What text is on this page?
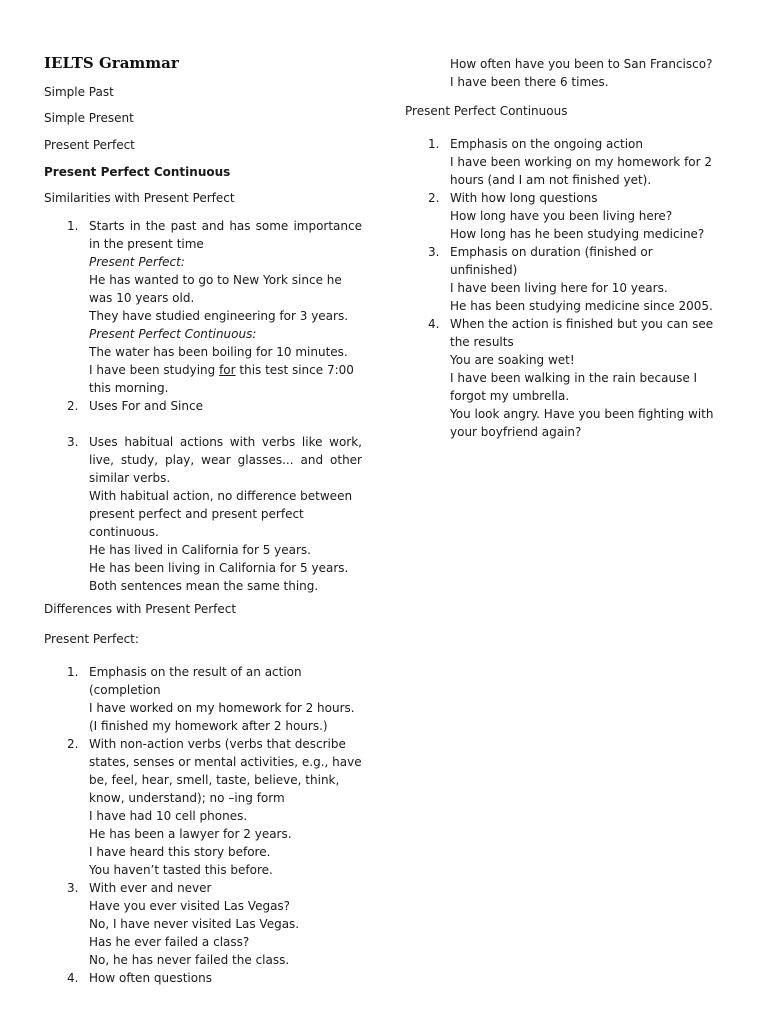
IELTS Grammar
Simple Past
Simple Present
Present Perfect
Present Perfect Continuous
Similarities with Present Perfect
1. Starts in the past and has some importance in the present time
Present Perfect:
He has wanted to go to New York since he was 10 years old.
They have studied engineering for 3 years.
Present Perfect Continuous:
The water has been boiling for 10 minutes.
I have been studying for this test since 7:00 this morning.
2. Uses For and Since
3. Uses habitual actions with verbs like work, live, study, play, wear glasses... and other similar verbs.
With habitual action, no difference between present perfect and present perfect continuous.
He has lived in California for 5 years.
He has been living in California for 5 years.
Both sentences mean the same thing.
Differences with Present Perfect
Present Perfect:
1. Emphasis on the result of an action (completion
I have worked on my homework for 2 hours. (I finished my homework after 2 hours.)
2. With non-action verbs (verbs that describe states, senses or mental activities, e.g., have be, feel, hear, smell, taste, believe, think, know, understand); no –ing form
I have had 10 cell phones.
He has been a lawyer for 2 years.
I have heard this story before.
You haven’t tasted this before.
3. With ever and never
Have you ever visited Las Vegas?
No, I have never visited Las Vegas.
Has he ever failed a class?
No, he has never failed the class.
4. How often questions
How often have you been to San Francisco?
I have been there 6 times.
Present Perfect Continuous
1. Emphasis on the ongoing action
I have been working on my homework for 2 hours (and I am not finished yet).
2. With how long questions
How long have you been living here?
How long has he been studying medicine?
3. Emphasis on duration (finished or unfinished)
I have been living here for 10 years.
He has been studying medicine since 2005.
4. When the action is finished but you can see the results
You are soaking wet!
I have been walking in the rain because I forgot my umbrella.
You look angry. Have you been fighting with your boyfriend again?
